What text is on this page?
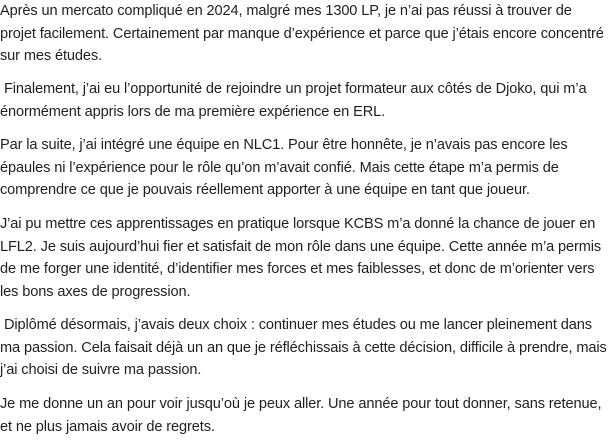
Après un mercato compliqué en 2024, malgré mes 1300 LP, je n’ai pas réussi à trouver de projet facilement. Certainement par manque d’expérience et parce que j’étais encore concentré sur mes études.

Finalement, j’ai eu l’opportunité de rejoindre un projet formateur aux côtés de Djoko, qui m’a énormément appris lors de ma première expérience en ERL.

Par la suite, j’ai intégré une équipe en NLC1. Pour être honnête, je n’avais pas encore les épaules ni l’expérience pour le rôle qu’on m’avait confié. Mais cette étape m’a permis de comprendre ce que je pouvais réellement apporter à une équipe en tant que joueur.

J’ai pu mettre ces apprentissages en pratique lorsque KCBS m’a donné la chance de jouer en LFL2. Je suis aujourd’hui fier et satisfait de mon rôle dans une équipe. Cette année m’a permis de me forger une identité, d’identifier mes forces et mes faiblesses, et donc de m’orienter vers les bons axes de progression.

Diplômé désormais, j’avais deux choix : continuer mes études ou me lancer pleinement dans ma passion. Cela faisait déjà un an que je réfléchissais à cette décision, difficile à prendre, mais j’ai choisi de suivre ma passion.

Je me donne un an pour voir jusqu’où je peux aller. Une année pour tout donner, sans retenue, et ne plus jamais avoir de regrets.
